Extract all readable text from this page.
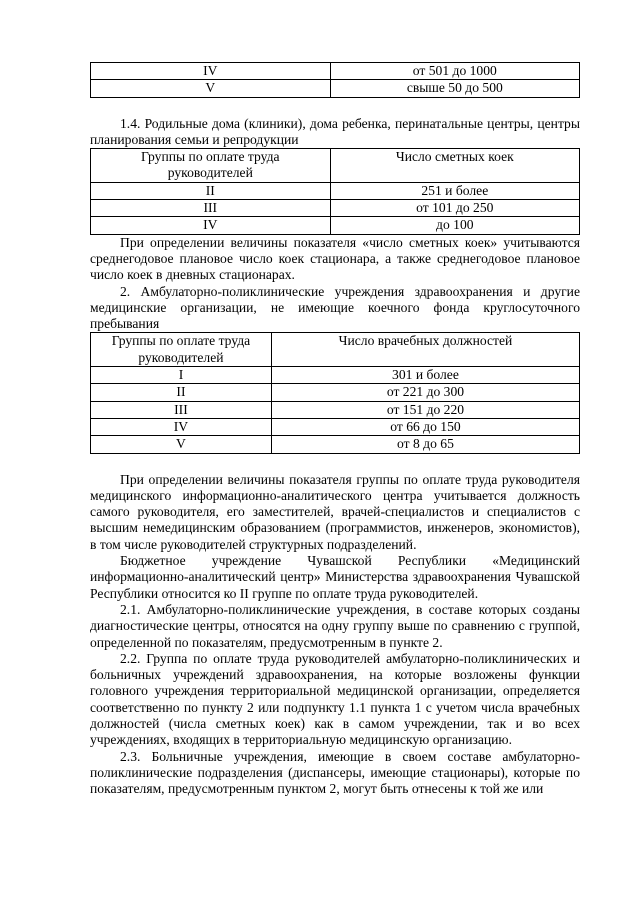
IV	от 501 до 1000
V	свыше 50 до 500

1.4. Родильные дома (клиники), дома ребенка, перинатальные центры, центры планирования семьи и репродукции

Группы по оплате труда руководителей	Число сметных коек
II	251 и более
III	от 101 до 250
IV	до 100

При определении величины показателя «число сметных коек» учитываются среднегодовое плановое число коек стационара, а также среднегодовое плановое число коек в дневных стационарах.

2. Амбулаторно-поликлинические учреждения здравоохранения и другие медицинские организации, не имеющие коечного фонда круглосуточного пребывания

Группы по оплате труда руководителей	Число врачебных должностей
I	301 и более
II	от 221 до 300
III	от 151 до 220
IV	от 66 до 150
V	от 8 до 65

При определении величины показателя группы по оплате труда руководителя медицинского информационно-аналитического центра учитывается должность самого руководителя, его заместителей, врачей-специалистов и специалистов с высшим немедицинским образованием (программистов, инженеров, экономистов), в том числе руководителей структурных подразделений.

Бюджетное учреждение Чувашской Республики «Медицинский информационно-аналитический центр» Министерства здравоохранения Чувашской Республики относится ко II группе по оплате труда руководителей.

2.1. Амбулаторно-поликлинические учреждения, в составе которых созданы диагностические центры, относятся на одну группу выше по сравнению с группой, определенной по показателям, предусмотренным в пункте 2.

2.2. Группа по оплате труда руководителей амбулаторно-поликлинических и больничных учреждений здравоохранения, на которые возложены функции головного учреждения территориальной медицинской организации, определяется соответственно по пункту 2 или подпункту 1.1 пункта 1 с учетом числа врачебных должностей (числа сметных коек) как в самом учреждении, так и во всех учреждениях, входящих в территориальную медицинскую организацию.

2.3. Больничные учреждения, имеющие в своем составе амбулаторно-поликлинические подразделения (диспансеры, имеющие стационары), которые по показателям, предусмотренным пунктом 2, могут быть отнесены к той же или
